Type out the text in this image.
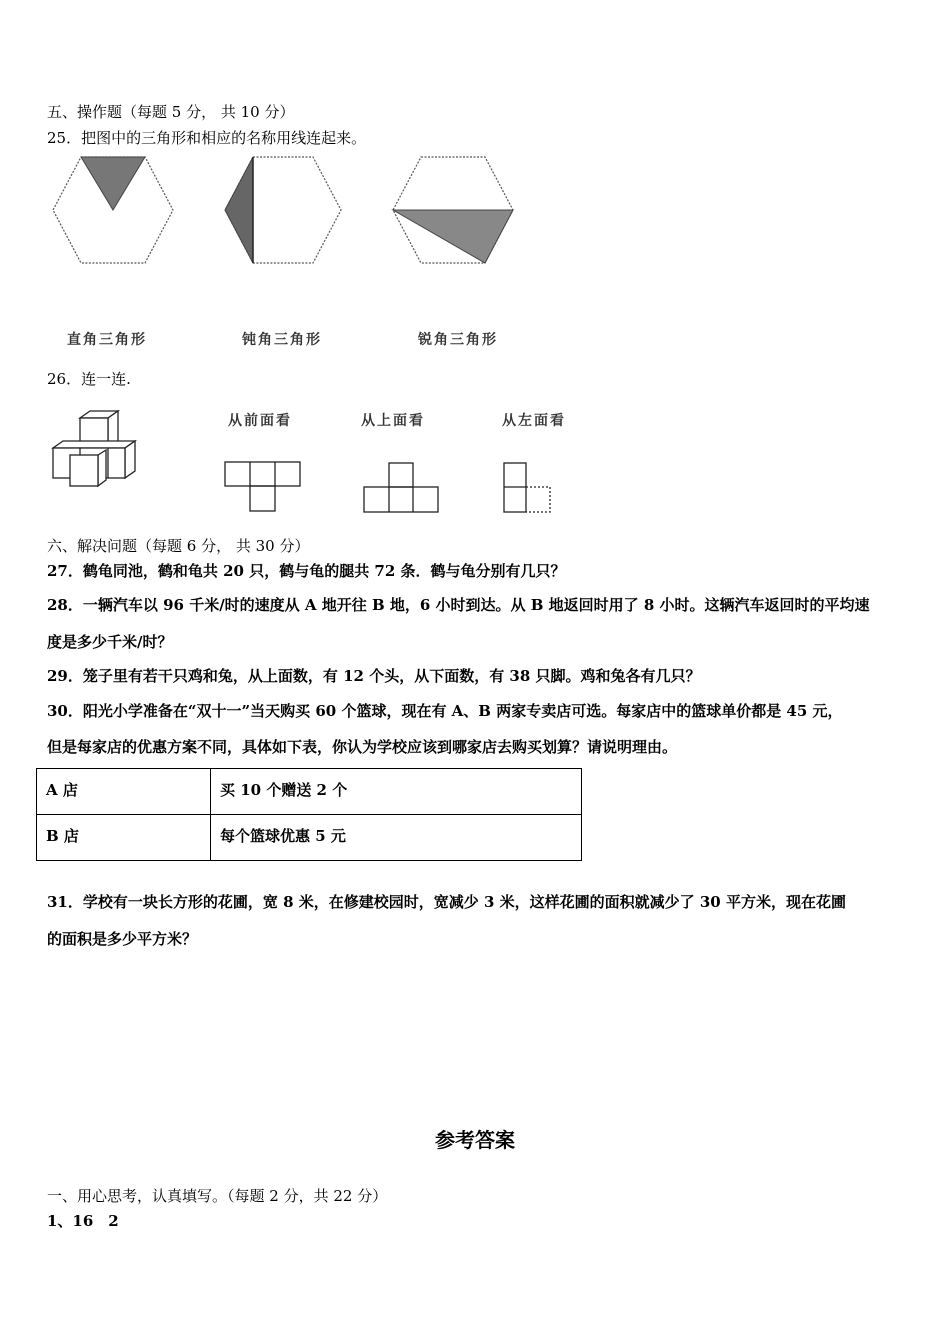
五、操作题（每题 5 分， 共 10 分）
25．把图中的三角形和相应的名称用线连起来。
直角三角形	钝角三角形	锐角三角形
26．连一连.
从前面看	从上面看	从左面看
六、解决问题（每题 6 分， 共 30 分）
27．鹤龟同池，鹤和龟共 20 只，鹤与龟的腿共 72 条．鹤与龟分别有几只？
28．一辆汽车以 96 千米/时的速度从 A 地开往 B 地，6 小时到达。从 B 地返回时用了 8 小时。这辆汽车返回时的平均速
度是多少千米/时？
29．笼子里有若干只鸡和兔，从上面数，有 12 个头，从下面数，有 38 只脚。鸡和兔各有几只？
30．阳光小学准备在“双十一”当天购买 60 个篮球，现在有 A、B 两家专卖店可选。每家店中的篮球单价都是 45 元，
但是每家店的优惠方案不同，具体如下表，你认为学校应该到哪家店去购买划算？请说明理由。
A 店	买 10 个赠送 2 个
B 店	每个篮球优惠 5 元
31．学校有一块长方形的花圃，宽 8 米，在修建校园时，宽减少 3 米，这样花圃的面积就减少了 30 平方米，现在花圃
的面积是多少平方米？
参考答案
一、用心思考，认真填写。（每题 2 分，共 22 分）
1、16　2
